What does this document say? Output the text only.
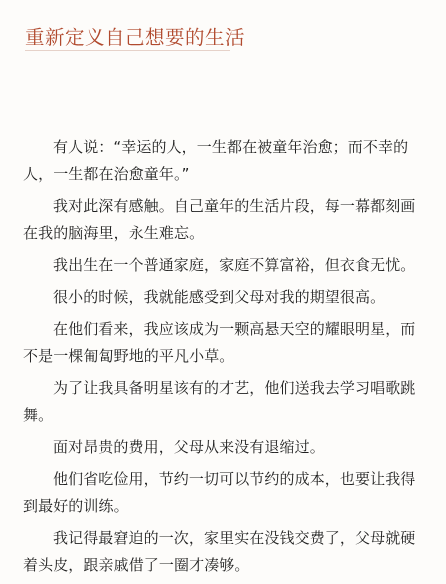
重新定义自己想要的生活

有人说：“幸运的人，一生都在被童年治愈；而不幸的人，一生都在治愈童年。”

我对此深有感触。自己童年的生活片段，每一幕都刻画在我的脑海里，永生难忘。

我出生在一个普通家庭，家庭不算富裕，但衣食无忧。

很小的时候，我就能感受到父母对我的期望很高。

在他们看来，我应该成为一颗高悬天空的耀眼明星，而不是一棵匍匐野地的平凡小草。

为了让我具备明星该有的才艺，他们送我去学习唱歌跳舞。

面对昂贵的费用，父母从来没有退缩过。

他们省吃俭用，节约一切可以节约的成本，也要让我得到最好的训练。

我记得最窘迫的一次，家里实在没钱交费了，父母就硬着头皮，跟亲戚借了一圈才凑够。
